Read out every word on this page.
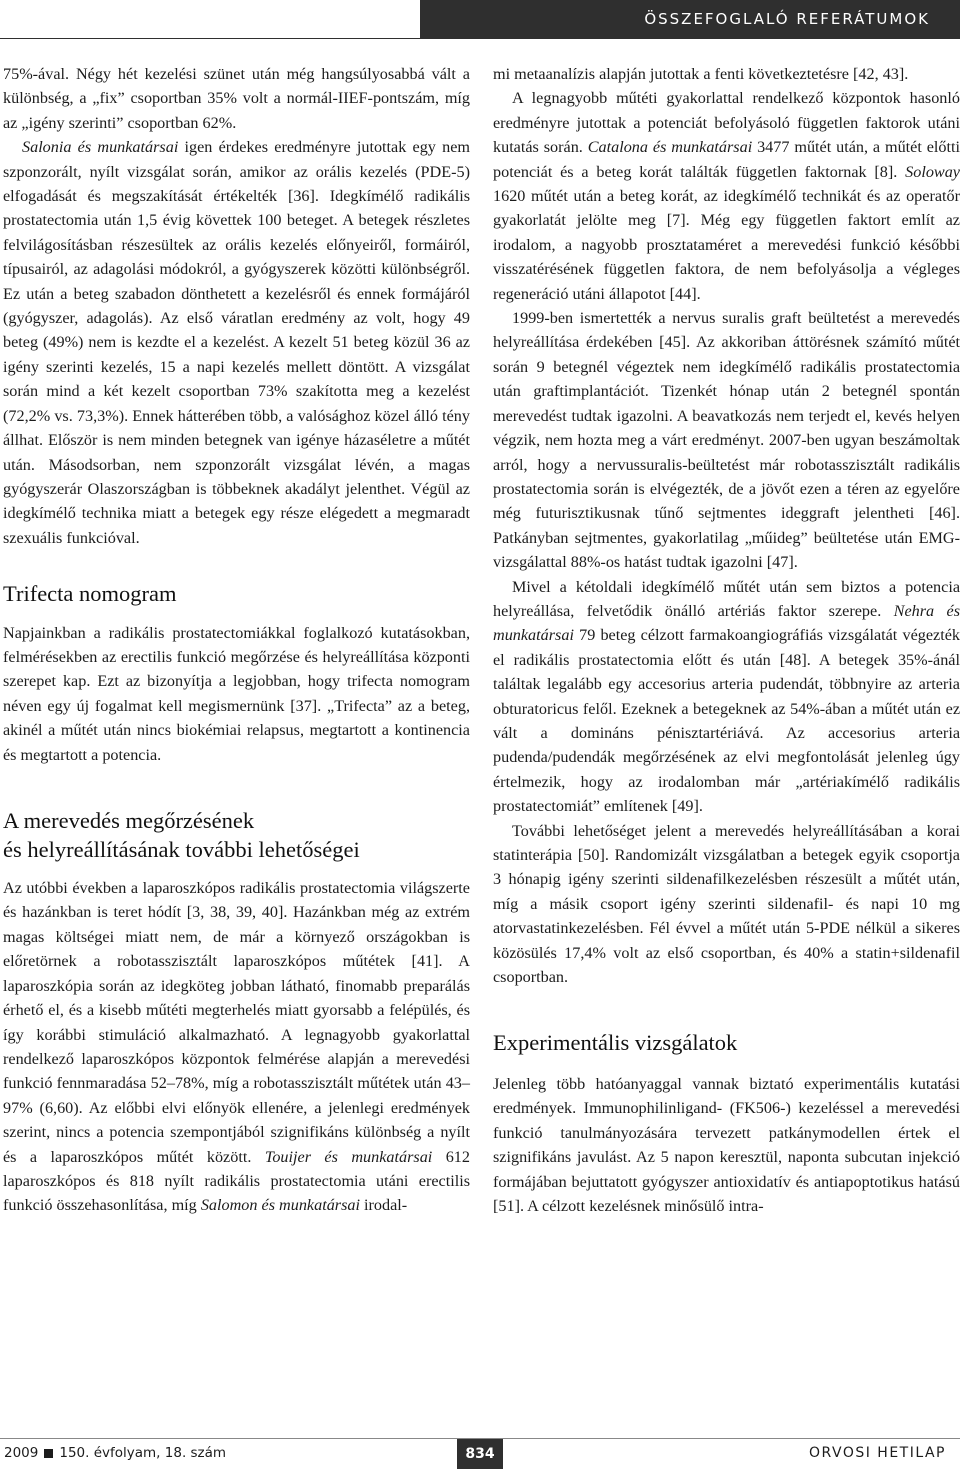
ÖSSZEFOGLALÓ REFERÁTUMOK

75%-ával. Négy hét kezelési szünet után még hangsúlyosabbá vált a különbség, a „fix” csoportban 35% volt a normál-IIEF-pontszám, míg az „igény szerinti” csoportban 62%.

Salonia és munkatársai igen érdekes eredményre jutottak egy nem szponzorált, nyílt vizsgálat során, amikor az orális kezelés (PDE-5) elfogadását és megszakítását értékelték [36]. Idegkímélő radikális prostatectomia után 1,5 évig követtek 100 beteget. A betegek részletes felvilágosításban részesültek az orális kezelés előnyeiről, formáiról, típusairól, az adagolási módokról, a gyógyszerek közötti különbségről. Ez után a beteg szabadon dönthetett a kezelésről és ennek formájáról (gyógyszer, adagolás). Az első váratlan eredmény az volt, hogy 49 beteg (49%) nem is kezdte el a kezelést. A kezelt 51 beteg közül 36 az igény szerinti kezelés, 15 a napi kezelés mellett döntött. A vizsgálat során mind a két kezelt csoportban 73% szakította meg a kezelést (72,2% vs. 73,3%). Ennek hátterében több, a valósághoz közel álló tény állhat. Először is nem minden betegnek van igénye házaséletre a műtét után. Másodsorban, nem szponzorált vizsgálat lévén, a magas gyógyszerár Olaszországban is többeknek akadályt jelenthet. Végül az idegkímélő technika miatt a betegek egy része elégedett a megmaradt szexuális funkcióval.

Trifecta nomogram

Napjainkban a radikális prostatectomiákkal foglalkozó kutatásokban, felmérésekben az erectilis funkció megőrzése és helyreállítása központi szerepet kap. Ezt az bizonyítja a legjobban, hogy trifecta nomogram néven egy új fogalmat kell megismernünk [37]. „Trifecta” az a beteg, akinél a műtét után nincs biokémiai relapsus, megtartott a kontinencia és megtartott a potencia.

A merevedés megőrzésének
és helyreállításának további lehetőségei

Az utóbbi években a laparoszkópos radikális prostatectomia világszerte és hazánkban is teret hódít [3, 38, 39, 40]. Hazánkban még az extrém magas költségei miatt nem, de már a környező országokban is előretörnek a robotasszisztált laparoszkópos műtétek [41]. A laparoszkópia során az idegköteg jobban látható, finomabb preparálás érhető el, és a kisebb műtéti megterhelés miatt gyorsabb a felépülés, és így korábbi stimuláció alkalmazható. A legnagyobb gyakorlattal rendelkező laparoszkópos központok felmérése alapján a merevedési funkció fennmaradása 52–78%, míg a robotasszisztált műtétek után 43–97% (6,60). Az előbbi elvi előnyök ellenére, a jelenlegi eredmények szerint, nincs a potencia szempontjából szignifikáns különbség a nyílt és a laparoszkópos műtét között. Touijer és munkatársai 612 laparoszkópos és 818 nyílt radikális prostatectomia utáni erectilis funkció összehasonlítása, míg Salomon és munkatársai irodal-

mi metaanalízis alapján jutottak a fenti következtetésre [42, 43].

A legnagyobb műtéti gyakorlattal rendelkező központok hasonló eredményre jutottak a potenciát befolyásoló független faktorok utáni kutatás során. Catalona és munkatársai 3477 műtét után, a műtét előtti potenciát és a beteg korát találták független faktornak [8]. Soloway 1620 műtét után a beteg korát, az idegkímélő technikát és az operatőr gyakorlatát jelölte meg [7]. Még egy független faktort említ az irodalom, a nagyobb prosztataméret a merevedési funkció későbbi visszatérésének független faktora, de nem befolyásolja a végleges regeneráció utáni állapotot [44].

1999-ben ismertették a nervus suralis graft beültetést a merevedés helyreállítása érdekében [45]. Az akkoriban áttörésnek számító műtét során 9 betegnél végeztek nem idegkímélő radikális prostatectomia után graftimplantációt. Tizenkét hónap után 2 betegnél spontán merevedést tudtak igazolni. A beavatkozás nem terjedt el, kevés helyen végzik, nem hozta meg a várt eredményt. 2007-ben ugyan beszámoltak arról, hogy a nervussuralis-beültetést már robotasszisztált radikális prostatectomia során is elvégezték, de a jövőt ezen a téren az egyelőre még futurisztikusnak tűnő sejtmentes ideggraft jelentheti [46]. Patkányban sejtmentes, gyakorlatilag „műideg” beültetése után EMG-vizsgálattal 88%-os hatást tudtak igazolni [47].

Mivel a kétoldali idegkímélő műtét után sem biztos a potencia helyreállása, felvetődik önálló artériás faktor szerepe. Nehra és munkatársai 79 beteg célzott farmakoangiográfiás vizsgálatát végezték el radikális prostatectomia előtt és után [48]. A betegek 35%-ánál találtak legalább egy accesorius arteria pudendát, többnyire az arteria obturatoricus felől. Ezeknek a betegeknek az 54%-ában a műtét után ez vált a domináns pénisztartériává. Az accesorius arteria pudenda/pudendák megőrzésének az elvi megfontolását jelenleg úgy értelmezik, hogy az irodalomban már „artériakímélő radikális prostatectomiát” említenek [49].

További lehetőséget jelent a merevedés helyreállításában a korai statinterápia [50]. Randomizált vizsgálatban a betegek egyik csoportja 3 hónapig igény szerinti sildenafilkezelésben részesült a műtét után, míg a másik csoport igény szerinti sildenafil- és napi 10 mg atorvastatinkezelésben. Fél évvel a műtét után 5-PDE nélkül a sikeres közösülés 17,4% volt az első csoportban, és 40% a statin+sildenafil csoportban.

Experimentális vizsgálatok

Jelenleg több hatóanyaggal vannak biztató experimentális kutatási eredmények. Immunophilinligand- (FK506-) kezeléssel a merevedési funkció tanulmányozására tervezett patkánymodellen értek el szignifikáns javulást. Az 5 napon keresztül, naponta subcutan injekció formájában bejuttatott gyógyszer antioxidatív és antiapoptotikus hatású [51]. A célzott kezelésnek minősülő intra-

2009 150. évfolyam, 18. szám	834	ORVOSI HETILAP
